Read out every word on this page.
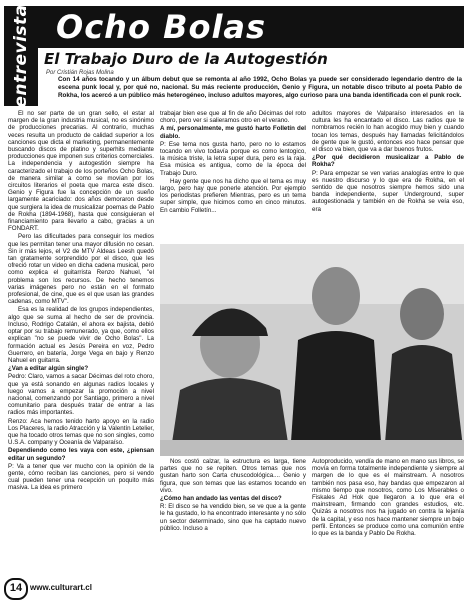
entrevista Ocho Bolas
El Trabajo Duro de la Autogestión
Por Cristián Rojas Molina
Con 14 años tocando y un álbum debut que se remonta al año 1992, Ocho Bolas ya puede ser considerado legendario dentro de la escena punk local y, por qué no, nacional. Su más reciente producción, Genio y Figura, un notable disco tributo al poeta Pablo de Rokha, los acercó a un público más heterogéneo, incluso adultos mayores, algo curioso para una banda identificada con el punk rock.

El no ser parte de un gran sello, el estar al margen de la gran industria musical, no es sinónimo de producciones precarias. Al contrario, muchas veces resulta un producto de calidad superior a los canciones que dicta el marketing, permanentemente buscando discos de platino y superhits mediante producciones que imponen sus criterios comerciales. La independencia y autogestión siempre ha caracterizado el trabajo de los porteños Ocho Bolas, de manera similar a como se movían por los circuitos literarios el poeta que marca este disco. Genio y Figura fue la concepción de un sueño largamente acariciado: dos años demoraron desde que surgiera la idea de musicalizar poemas de Pablo de Rokha (1894-1968), hasta que consiguieran el financiamiento para llevarlo a cabo, gracias a un FONDART.

Pero las dificultades para conseguir los medios que les permitan tener una mayor difusión no cesan. Sin ir más lejos, el V2 de MTV Aldeas Leesh quedó tan gratamente sorprendido por el disco, que les ofreció rotar un video en dicha cadena musical, pero como explica el guitarrista Renzo Nahuel, "el problema son los recursos. De hecho tenemos varias imágenes pero no están en el formato profesional, de cine, que es el que usan las grandes cadenas, como MTV".

Esa es la realidad de los grupos independientes, algo que se suma al hecho de ser de provincia. Incluso, Rodrigo Catalán, el ahora ex bajista, debió optar por su trabajo remunerado, ya que, como ellos explican "no se puede vivir de Ocho Bolas". La formación actual es Jesús Pereira en voz, Pedro Guerrero, en batería, Jorge Vega en bajo y Renzo Nahuel en guitarra.

¿Van a editar algún single?

Pedro: Claro, vamos a sacar Décimas del roto choro, que ya está sonando en algunas radios locales y luego vamos a empezar la promoción a nivel nacional, comenzando por Santiago, primero a nivel comunitario para después tratar de entrar a las radios más importantes.

Renzo: Aca hemos tenido harto apoyo en la radio Los Placeres, la radio Atracción y la Valentín Letelier, que ha tocado otros temas que no son singles, como U.S.A. company y Oceanía de Valparaíso.

Dependiendo como les vaya con este, ¿piensan editar un segundo?

P: Va a tener que ver mucho con la opinión de la gente, cómo reciban las canciones, pero si vendo cual pueden tener una recepción un poquito más masiva. La idea es primero

trabajar bien ese que al fin de año Décimas del roto choro, pero ver si salieramos otro en el verano.

A mí, personalmente, me gustó harto Folletín del diablo.

P: Ese tema nos gusta harto, pero no lo estamos tocando en vivo todavía porque es como lentogico, la música triste, la letra super dura, pero es la raja. Esa música es antigua, como de la época del Trabajo Duro.

Hay gente que nos ha dicho que el tema es muy largo, pero hay que ponerle atención. Por ejemplo los periodistas prefieren Mientras, pero es un tema super simple, que hicimos como en cinco minutos. En cambio Folletín...

adultos mayores de Valparaíso interesados en la cultura les ha encantado el disco. Las radios que te nombramos recién lo han acogido muy bien y cuando tocan los temas, después hay llamadas felicitándolos de gente que le gustó, entonces eso hace pensar que el disco va bien, que va a dar buenos frutos.

¿Por qué decidieron musicalizar a Pablo de Rokha?

P: Para empezar se ven varias analogías entre lo que es nuestro discurso y lo que era de Rokha, en el sentido de que nosotros siempre hemos sido una banda independiente, super Underground, super autogestionada y también en de Rokha se veía eso, era

Nos costó calzar, la estructura es larga, tiene partes que no se repiten. Otros temas que nos gustan harto son Carta chuscodológica.... Genio y figura, que son temas que las estamos tocando en vivo.

¿Cómo han andado las ventas del disco?

R: El disco se ha vendido bien, se ve que a la gente le ha gustado, lo ha encontrado interesante y no sólo un sector determinado, sino que ha captado nuevo público. Incluso a

Autoproducido, vendía de mano en mano sus libros, se movía en forma totalmente independiente y siempre al margen de lo que es el mainstream. A nosotros también nos pasa eso, hay bandas que empezaron al mismo tiempo que nosotros, como Los Miserables o Fiskales Ad Hok que llegaron a lo que era el mainstream, firmando con grandes estudios, etc. Quizás a nosotros nos ha jugado en contra la lejanía de la capital, y eso nos hace mantener siempre un bajo perfil. Entonces se produce como una comunión entre lo que es la banda y Pablo De Rokha.

14 www.culturart.cl
